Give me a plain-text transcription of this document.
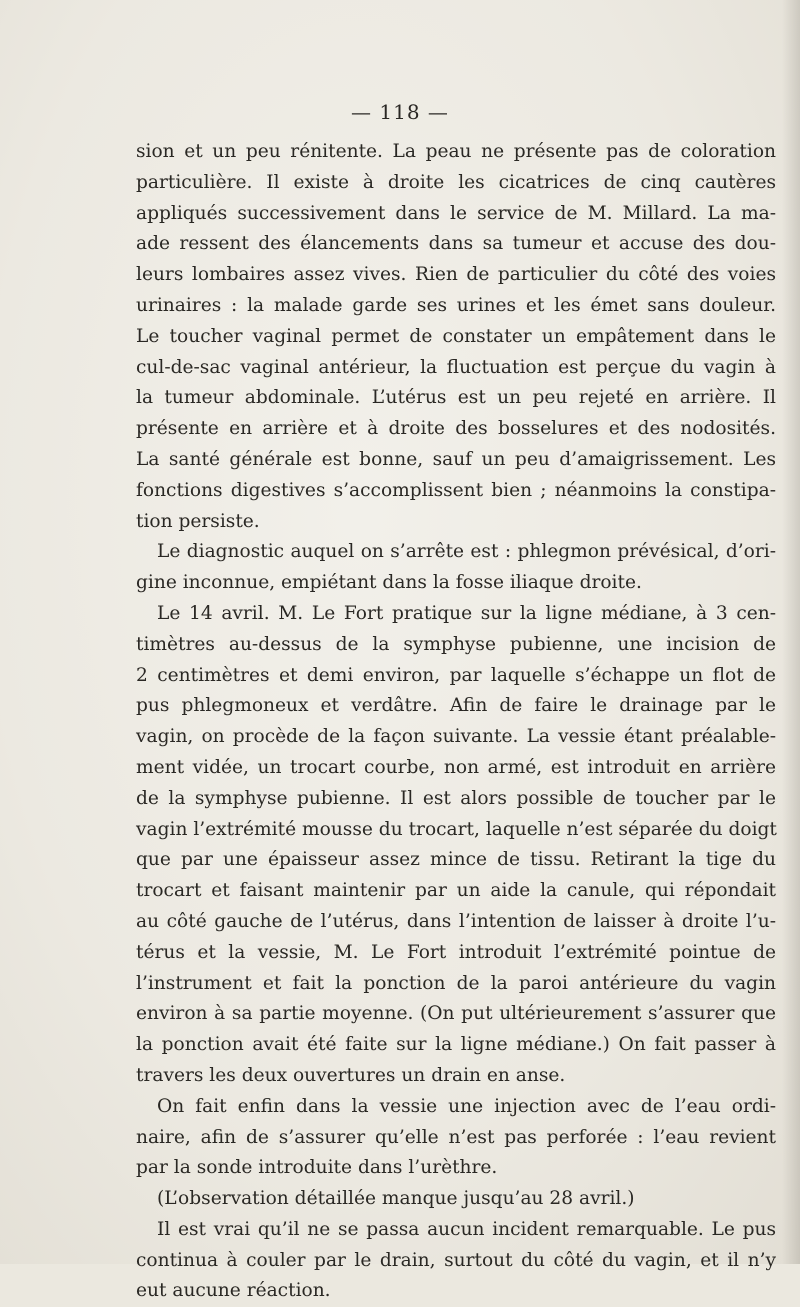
— 118 —
sion et un peu rénitente. La peau ne présente pas de coloration
particulière. Il existe à droite les cicatrices de cinq cautères
appliqués successivement dans le service de M. Millard. La ma-
ade ressent des élancements dans sa tumeur et accuse des dou-
leurs lombaires assez vives. Rien de particulier du côté des voies
urinaires : la malade garde ses urines et les émet sans douleur.
Le toucher vaginal permet de constater un empâtement dans le
cul-de-sac vaginal antérieur, la fluctuation est perçue du vagin à
la tumeur abdominale. L’utérus est un peu rejeté en arrière. Il
présente en arrière et à droite des bosselures et des nodosités.
La santé générale est bonne, sauf un peu d’amaigrissement. Les
fonctions digestives s’accomplissent bien ; néanmoins la constipa-
tion persiste.
Le diagnostic auquel on s’arrête est : phlegmon prévésical, d’ori-
gine inconnue, empiétant dans la fosse iliaque droite.
Le 14 avril. M. Le Fort pratique sur la ligne médiane, à 3 cen-
timètres au-dessus de la symphyse pubienne, une incision de
2 centimètres et demi environ, par laquelle s’échappe un flot de
pus phlegmoneux et verdâtre. Afin de faire le drainage par le
vagin, on procède de la façon suivante. La vessie étant préalable-
ment vidée, un trocart courbe, non armé, est introduit en arrière
de la symphyse pubienne. Il est alors possible de toucher par le
vagin l’extrémité mousse du trocart, laquelle n’est séparée du doigt
que par une épaisseur assez mince de tissu. Retirant la tige du
trocart et faisant maintenir par un aide la canule, qui répondait
au côté gauche de l’utérus, dans l’intention de laisser à droite l’u-
térus et la vessie, M. Le Fort introduit l’extrémité pointue de
l’instrument et fait la ponction de la paroi antérieure du vagin
environ à sa partie moyenne. (On put ultérieurement s’assurer que
la ponction avait été faite sur la ligne médiane.) On fait passer à
travers les deux ouvertures un drain en anse.
On fait enfin dans la vessie une injection avec de l’eau ordi-
naire, afin de s’assurer qu’elle n’est pas perforée : l’eau revient
par la sonde introduite dans l’urèthre.
(L’observation détaillée manque jusqu’au 28 avril.)
Il est vrai qu’il ne se passa aucun incident remarquable. Le pus
continua à couler par le drain, surtout du côté du vagin, et il n’y
eut aucune réaction.
